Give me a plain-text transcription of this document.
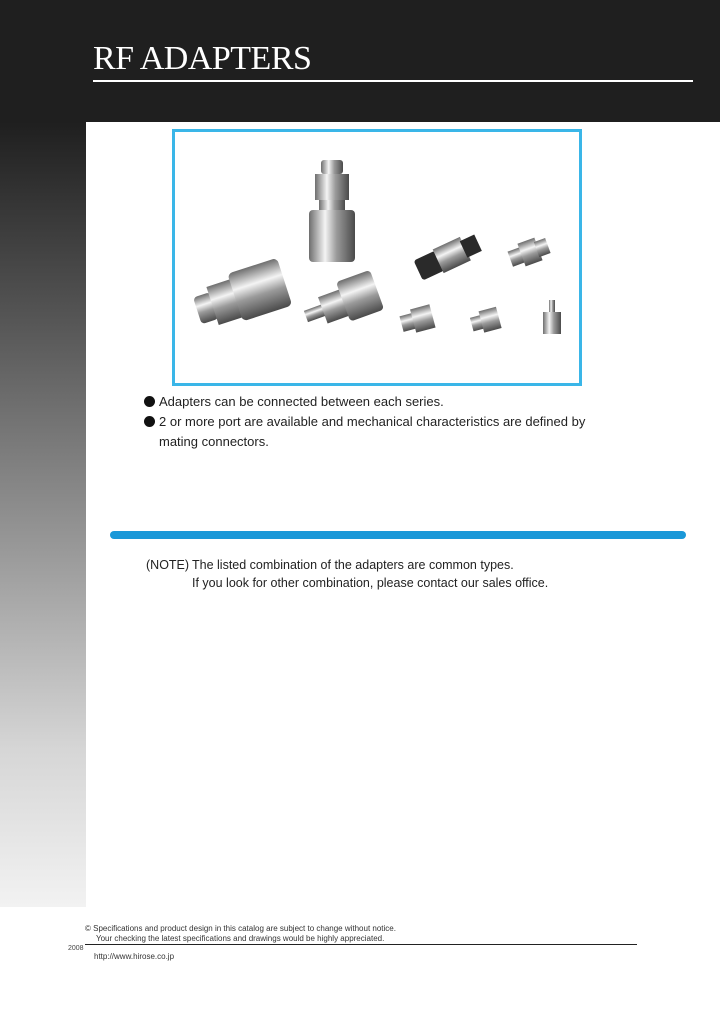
RF ADAPTERS
Adapters can be connected between each series.
2 or more port are available and mechanical characteristics are defined by mating connectors.
(NOTE) The listed combination of the adapters are common types.
If you look for other combination, please contact our sales office.
© Specifications and product design in this catalog are subject to change without notice.
Your checking the latest specifications and drawings would be highly appreciated.
2008
http://www.hirose.co.jp
